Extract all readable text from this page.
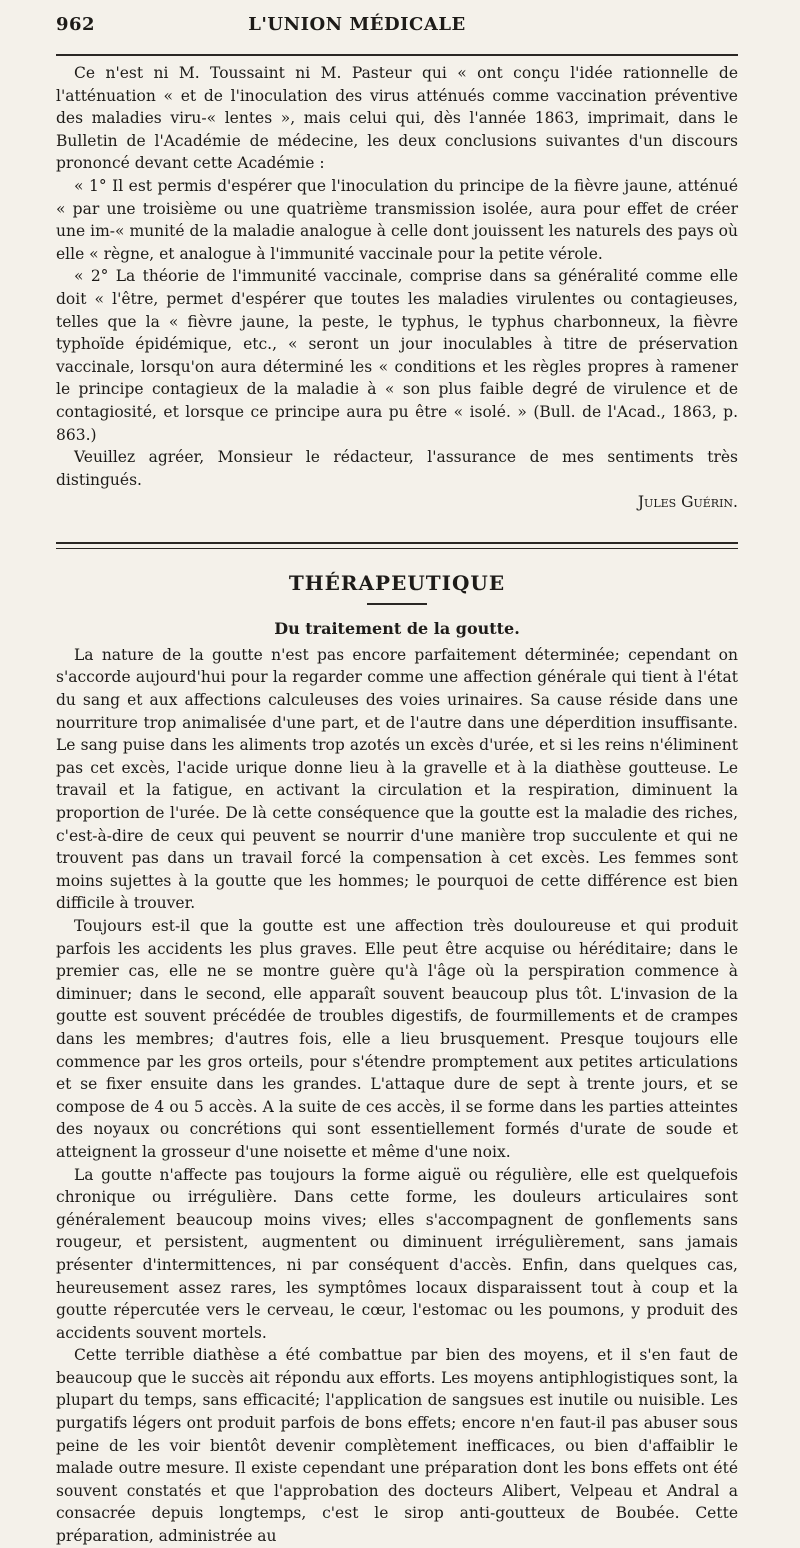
962	L'UNION MÉDICALE

Ce n'est ni M. Toussaint ni M. Pasteur qui « ont conçu l'idée rationnelle de l'atténuation « et de l'inoculation des virus atténués comme vaccination préventive des maladies viru-« lentes », mais celui qui, dès l'année 1863, imprimait, dans le Bulletin de l'Académie de médecine, les deux conclusions suivantes d'un discours prononcé devant cette Académie :

« 1° Il est permis d'espérer que l'inoculation du principe de la fièvre jaune, atténué « par une troisième ou une quatrième transmission isolée, aura pour effet de créer une im-« munité de la maladie analogue à celle dont jouissent les naturels des pays où elle « règne, et analogue à l'immunité vaccinale pour la petite vérole.

« 2° La théorie de l'immunité vaccinale, comprise dans sa généralité comme elle doit « l'être, permet d'espérer que toutes les maladies virulentes ou contagieuses, telles que la « fièvre jaune, la peste, le typhus, le typhus charbonneux, la fièvre typhoïde épidémique, etc., « seront un jour inoculables à titre de préservation vaccinale, lorsqu'on aura déterminé les « conditions et les règles propres à ramener le principe contagieux de la maladie à « son plus faible degré de virulence et de contagiosité, et lorsque ce principe aura pu être « isolé. » (Bull. de l'Acad., 1863, p. 863.)

Veuillez agréer, Monsieur le rédacteur, l'assurance de mes sentiments très distingués.

Jules Guérin.
THÉRAPEUTIQUE
Du traitement de la goutte.

La nature de la goutte n'est pas encore parfaitement déterminée; cependant on s'accorde aujourd'hui pour la regarder comme une affection générale qui tient à l'état du sang et aux affections calculeuses des voies urinaires. Sa cause réside dans une nourriture trop animalisée d'une part, et de l'autre dans une déperdition insuffisante. Le sang puise dans les aliments trop azotés un excès d'urée, et si les reins n'éliminent pas cet excès, l'acide urique donne lieu à la gravelle et à la diathèse goutteuse. Le travail et la fatigue, en activant la circulation et la respiration, diminuent la proportion de l'urée. De là cette conséquence que la goutte est la maladie des riches, c'est-à-dire de ceux qui peuvent se nourrir d'une manière trop succulente et qui ne trouvent pas dans un travail forcé la compensation à cet excès. Les femmes sont moins sujettes à la goutte que les hommes; le pourquoi de cette différence est bien difficile à trouver.

Toujours est-il que la goutte est une affection très douloureuse et qui produit parfois les accidents les plus graves. Elle peut être acquise ou héréditaire; dans le premier cas, elle ne se montre guère qu'à l'âge où la perspiration commence à diminuer; dans le second, elle apparaît souvent beaucoup plus tôt. L'invasion de la goutte est souvent précédée de troubles digestifs, de fourmillements et de crampes dans les membres; d'autres fois, elle a lieu brusquement. Presque toujours elle commence par les gros orteils, pour s'étendre promptement aux petites articulations et se fixer ensuite dans les grandes. L'attaque dure de sept à trente jours, et se compose de 4 ou 5 accès. A la suite de ces accès, il se forme dans les parties atteintes des noyaux ou concrétions qui sont essentiellement formés d'urate de soude et atteignent la grosseur d'une noisette et même d'une noix.

La goutte n'affecte pas toujours la forme aiguë ou régulière, elle est quelquefois chronique ou irrégulière. Dans cette forme, les douleurs articulaires sont généralement beaucoup moins vives; elles s'accompagnent de gonflements sans rougeur, et persistent, augmentent ou diminuent irrégulièrement, sans jamais présenter d'intermittences, ni par conséquent d'accès. Enfin, dans quelques cas, heureusement assez rares, les symptômes locaux disparaissent tout à coup et la goutte répercutée vers le cerveau, le cœur, l'estomac ou les poumons, y produit des accidents souvent mortels.

Cette terrible diathèse a été combattue par bien des moyens, et il s'en faut de beaucoup que le succès ait répondu aux efforts. Les moyens antiphlogistiques sont, la plupart du temps, sans efficacité; l'application de sangsues est inutile ou nuisible. Les purgatifs légers ont produit parfois de bons effets; encore n'en faut-il pas abuser sous peine de les voir bientôt devenir complètement inefficaces, ou bien d'affaiblir le malade outre mesure. Il existe cependant une préparation dont les bons effets ont été souvent constatés et que l'approbation des docteurs Alibert, Velpeau et Andral a consacrée depuis longtemps, c'est le sirop anti-goutteux de Boubée. Cette préparation, administrée au
